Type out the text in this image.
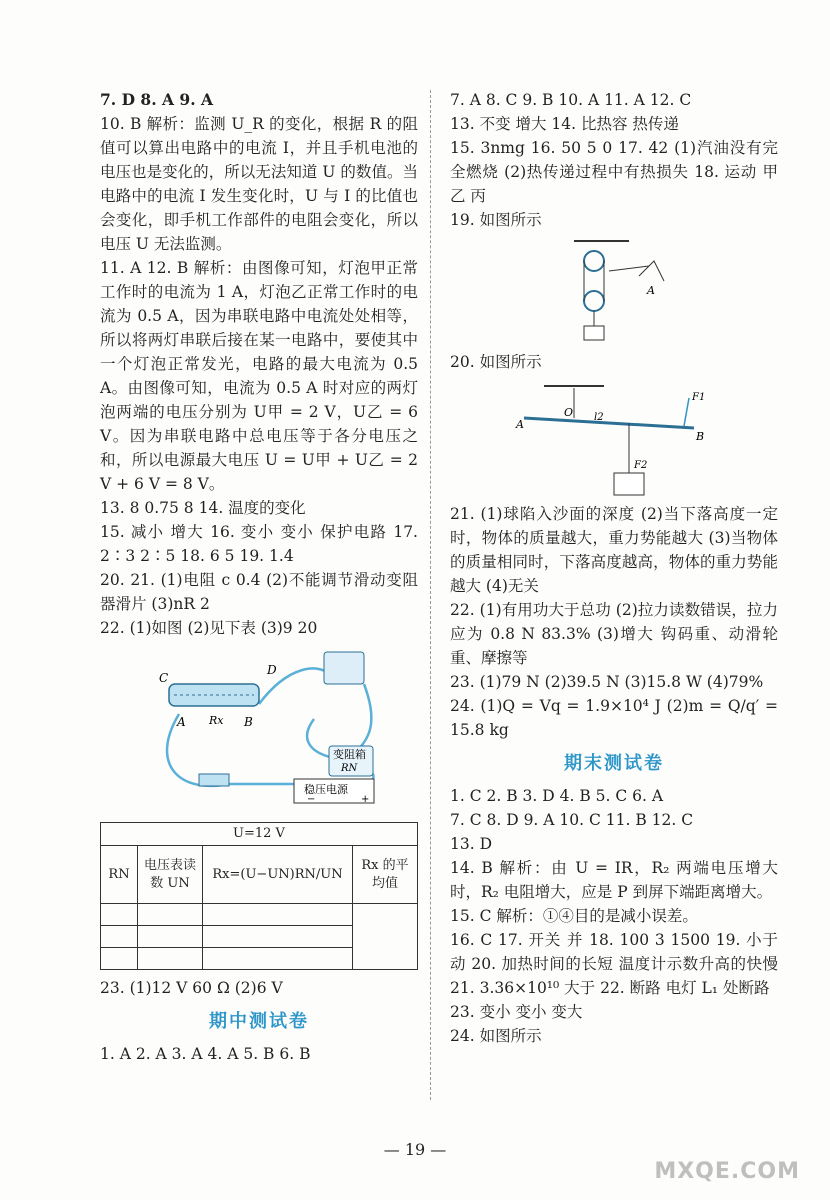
7. D 8. A 9. A

10. B 解析：监测 U_R 的变化，根据 R 的阻值可以算出电路中的电流 I，并且手机电池的电压也是变化的，所以无法知道 U 的数值。当电路中的电流 I 发生变化时，U 与 I 的比值也会变化，即手机工作部件的电阻会变化，所以电压 U 无法监测。

11. A 12. B 解析：由图像可知，灯泡甲正常工作时的电流为 1 A，灯泡乙正常工作时的电流为 0.5 A，因为串联电路中电流处处相等，所以将两灯串联后接在某一电路中，要使其中一个灯泡正常发光，电路的最大电流为 0.5 A。由图像可知，电流为 0.5 A 时对应的两灯泡两端的电压分别为 U甲 = 2 V，U乙 = 6 V。因为串联电路中总电压等于各分电压之和，所以电源最大电压 U = U甲 + U乙 = 2 V + 6 V = 8 V。

13. 8 0.75 8 14. 温度的变化

15. 减小 增大 16. 变小 变小 保护电路 17. 2∶3 2∶5 18. 6 5 19. 1.4

20. 21. (1)电阻 c 0.4 (2)不能调节滑动变阻器滑片 (3)nR 2

22. (1)如图 (2)见下表 (3)9 20

C
D
A	B
Rx
变阻箱
RN
稳压电源
−	+
U=12 V			
RN	电压表读数 UN	Rx=(U−UN)RN/UN	Rx 的平均值

23. (1)12 V 60 Ω (2)6 V

期中测试卷

1. A 2. A 3. A 4. A 5. B 6. B

7. A 8. C 9. B 10. A 11. A 12. C

13. 不变 增大 14. 比热容 热传递

15. 3nmg 16. 50 5 0 17. 42 (1)汽油没有完全燃烧 (2)热传递过程中有热损失 18. 运动 甲 乙 丙

19. 如图所示

A

20. 如图所示

A
O l2
F1
B
F2

21. (1)球陷入沙面的深度 (2)当下落高度一定时，物体的质量越大，重力势能越大 (3)当物体的质量相同时，下落高度越高，物体的重力势能越大 (4)无关

22. (1)有用功大于总功 (2)拉力读数错误，拉力应为 0.8 N 83.3% (3)增大 钩码重、动滑轮重、摩擦等

23. (1)79 N (2)39.5 N (3)15.8 W (4)79%

24. (1)Q = Vq = 1.9×10⁴ J (2)m = Q/q′ = 15.8 kg

期末测试卷

1. C 2. B 3. D 4. B 5. C 6. A

7. C 8. D 9. A 10. C 11. B 12. C

13. D

14. B 解析：由 U = IR，R₂ 两端电压增大时，R₂ 电阻增大，应是 P 到屏下端距离增大。

15. C 解析：①④目的是减小误差。

16. C 17. 开关 并 18. 100 3 1500 19. 小于 动 20. 加热时间的长短 温度计示数升高的快慢 21. 3.36×10¹⁰ 大于 22. 断路 电灯 L₁ 处断路

23. 变小 变小 变大

24. 如图所示

— 19 —
MXQE.COM
